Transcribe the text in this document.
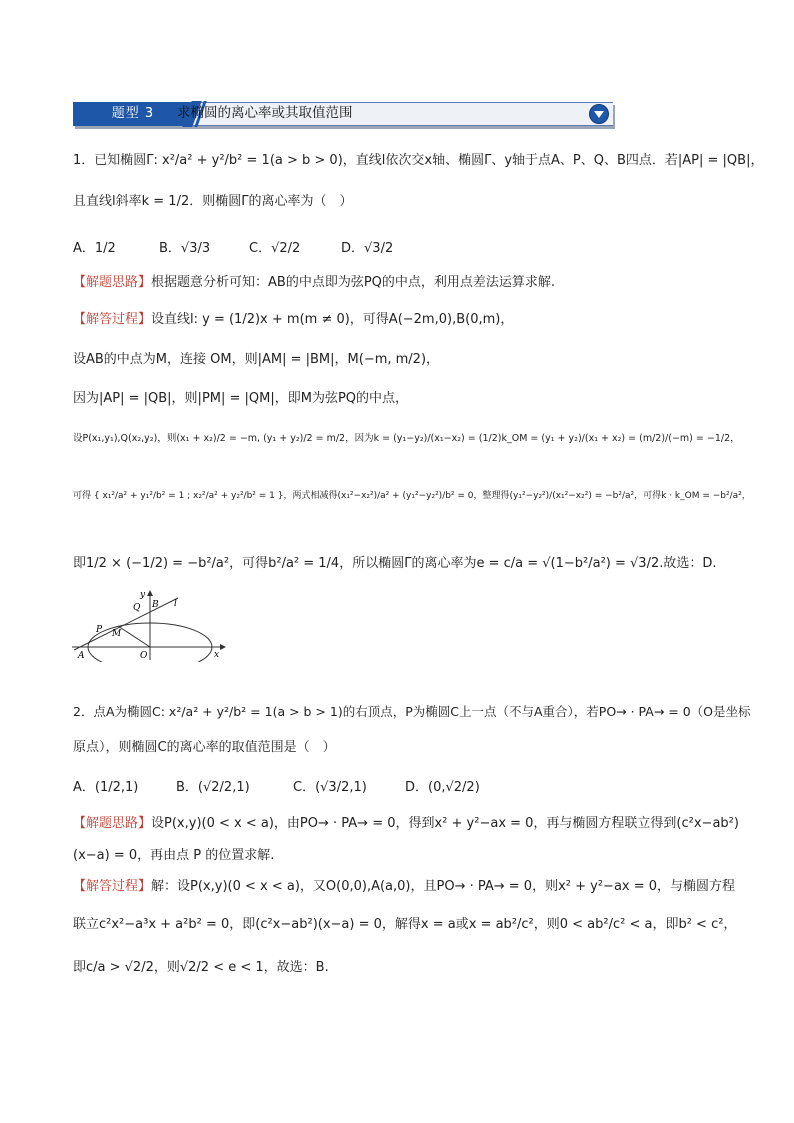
题型 3	求椭圆的离心率或其取值范围
1．已知椭圆Γ: x²/a² + y²/b² = 1(a > b > 0)，直线l依次交x轴、椭圆Γ、y轴于点A、P、Q、B四点．若|AP| = |QB|，
且直线l斜率k = 1/2．则椭圆Γ的离心率为（　）
A．1/2	B．√3/3	C．√2/2	D．√3/2
【解题思路】根据题意分析可知：AB的中点即为弦PQ的中点，利用点差法运算求解.
【解答过程】设直线l: y = (1/2)x + m(m ≠ 0)，可得A(−2m,0),B(0,m)，
设AB的中点为M，连接 OM，则|AM| = |BM|，M(−m, m/2)，
因为|AP| = |QB|，则|PM| = |QM|，即M为弦PQ的中点，
设P(x₁,y₁),Q(x₂,y₂)，则(x₁ + x₂)/2 = −m, (y₁ + y₂)/2 = m/2，因为k = (y₁−y₂)/(x₁−x₂) = (1/2)k_OM = (y₁ + y₂)/(x₁ + x₂) = (m/2)/(−m) = −1/2，
可得 { x₁²/a² + y₁²/b² = 1 ; x₂²/a² + y₂²/b² = 1 }，两式相减得(x₁²−x₂²)/a² + (y₁²−y₂²)/b² = 0，整理得(y₁²−y₂²)/(x₁²−x₂²) = −b²/a²，可得k · k_OM = −b²/a²，
即1/2 × (−1/2) = −b²/a²，可得b²/a² = 1/4，所以椭圆Γ的离心率为e = c/a = √(1−b²/a²) = √3/2.故选：D.
y
B l
Q
P M
A	O	x
2．点A为椭圆C: x²/a² + y²/b² = 1(a > b > 1)的右顶点，P为椭圆C上一点（不与A重合），若PO→ · PA→ = 0（O是坐标
原点），则椭圆C的离心率的取值范围是（　）
A．(1/2,1)	B．(√2/2,1)	C．(√3/2,1)	D．(0,√2/2)
【解题思路】设P(x,y)(0 < x < a)，由PO→ · PA→ = 0，得到x² + y²−ax = 0，再与椭圆方程联立得到(c²x−ab²)
(x−a) = 0，再由点 P 的位置求解.
【解答过程】解：设P(x,y)(0 < x < a)，又O(0,0),A(a,0)，且PO→ · PA→ = 0，则x² + y²−ax = 0，与椭圆方程
联立c²x²−a³x + a²b² = 0，即(c²x−ab²)(x−a) = 0，解得x = a或x = ab²/c²，则0 < ab²/c² < a，即b² < c²，
即c/a > √2/2，则√2/2 < e < 1，故选：B.
